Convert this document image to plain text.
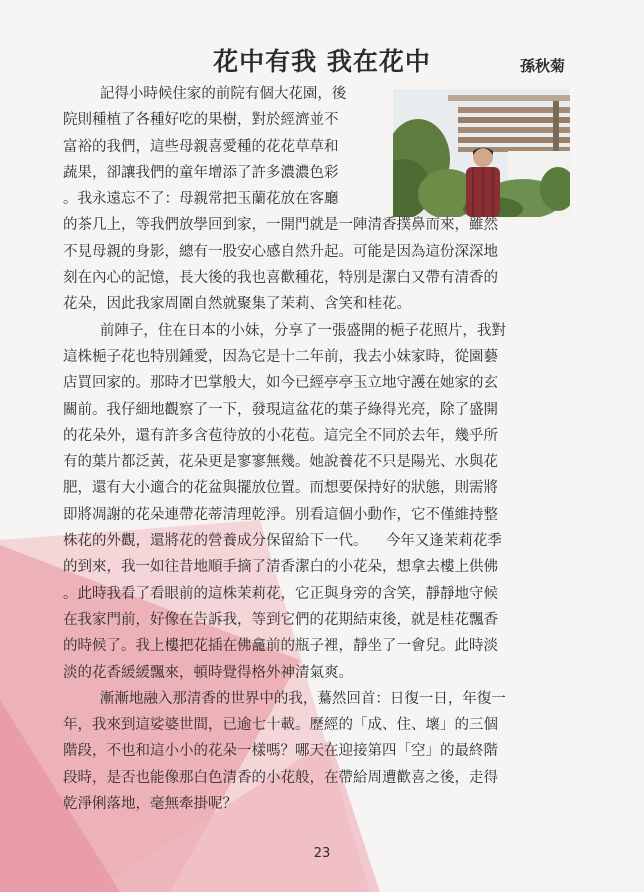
花中有我 我在花中	孫秋菊
記得小時候住家的前院有個大花園，後
院則種植了各種好吃的果樹，對於經濟並不
富裕的我們，這些母親喜愛種的花花草草和
蔬果，卻讓我們的童年增添了許多濃濃色彩
。我永遠忘不了：母親常把玉蘭花放在客廳
的茶几上，等我們放學回到家，一開門就是一陣清香撲鼻而來，雖然
不見母親的身影，總有一股安心感自然升起。可能是因為這份深深地
刻在內心的記憶，長大後的我也喜歡種花，特別是潔白又帶有清香的
花朵，因此我家周圍自然就聚集了茉莉、含笑和桂花。
前陣子，住在日本的小妹，分享了一張盛開的梔子花照片，我對
這株梔子花也特別鍾愛，因為它是十二年前，我去小妹家時，從園藝
店買回家的。那時才巴掌般大，如今已經亭亭玉立地守護在她家的玄
關前。我仔細地觀察了一下，發現這盆花的葉子綠得光亮，除了盛開
的花朵外，還有許多含苞待放的小花苞。這完全不同於去年，幾乎所
有的葉片都泛黃，花朵更是寥寥無幾。她說養花不只是陽光、水與花
肥，還有大小適合的花盆與擺放位置。而想要保持好的狀態，則需將
即將凋謝的花朵連帶花蒂清理乾淨。別看這個小動作，它不僅維持整
株花的外觀，還將花的營養成分保留給下一代。    今年又逢茉莉花季
的到來，我一如往昔地順手摘了清香潔白的小花朵，想拿去樓上供佛
。此時我看了看眼前的這株茉莉花，它正與身旁的含笑，靜靜地守候
在我家門前，好像在告訴我，等到它們的花期結束後，就是桂花飄香
的時候了。我上樓把花插在佛龕前的瓶子裡，靜坐了一會兒。此時淡
淡的花香緩緩飄來，頓時覺得格外神清氣爽。
漸漸地融入那清香的世界中的我，驀然回首：日復一日，年復一
年，我來到這娑婆世間，已逾七十載。歷經的「成、住、壞」的三個
階段，不也和這小小的花朵一樣嗎？哪天在迎接第四「空」的最終階
段時，是否也能像那白色清香的小花般，在帶給周遭歡喜之後，走得
乾淨俐落地，毫無牽掛呢？
23
